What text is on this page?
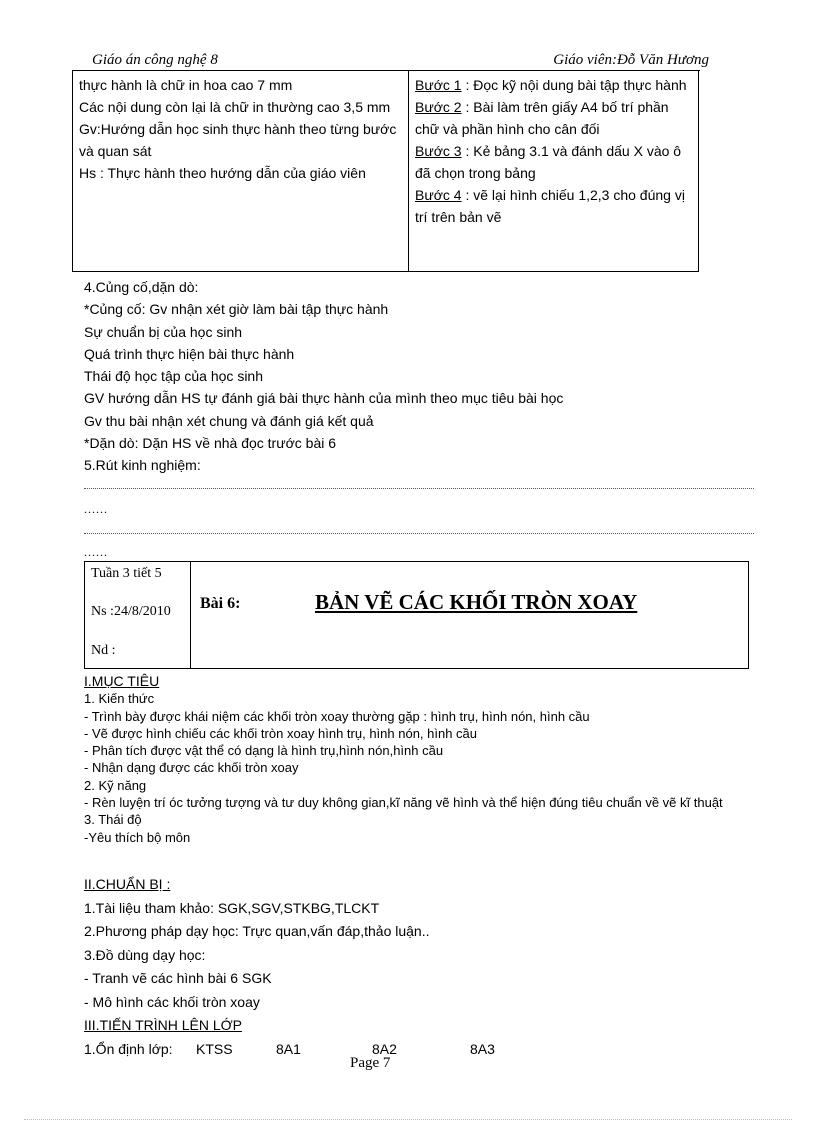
Giáo án công nghệ 8	Giáo viên:Đỗ Văn Hương
thực hành là chữ in hoa cao 7 mm
Các nội dung còn lại là chữ in thường cao 3,5 mm
Gv:Hướng dẫn học sinh thực hành theo từng bước và quan sát
Hs : Thực hành theo hướng dẫn của giáo viên

Bước 1 : Đọc kỹ nội dung bài tập thực hành
Bước 2 : Bài làm trên giấy A4 bố trí phần chữ và phần hình cho cân đối
Bước 3 : Kẻ bảng 3.1 và đánh dấu X vào ô đã chọn trong bảng
Bước 4 : vẽ lại hình chiếu 1,2,3 cho đúng vị trí trên bản vẽ
4.Củng cố,dặn dò:
*Củng cố: Gv nhận xét giờ làm bài tập thực hành
Sự chuẩn bị của học sinh
Quá trình thực hiện bài thực hành
Thái độ học tập của học sinh
GV hướng dẫn HS tự đánh giá bài thực hành của mình theo mục tiêu bài học
Gv thu bài nhận xét chung và đánh giá kết quả
*Dặn dò: Dặn HS về nhà đọc trước bài 6
5.Rút kinh nghiệm:
......
......
Tuần 3 tiết 5
Ns :24/8/2010
Nd :
Bài 6:	BẢN VẼ CÁC KHỐI TRÒN XOAY
I.MỤC TIÊU
1. Kiến thức
- Trình bày được khái niệm các khối tròn xoay thường gặp : hình trụ, hình nón, hình cầu
- Vẽ được hình chiếu các khối tròn xoay hình trụ, hình nón, hình cầu
- Phân tích được vật thể có dạng là hình trụ,hình nón,hình cầu
- Nhận dạng được các khối tròn xoay
2. Kỹ năng
- Rèn luyện trí óc tưởng tượng và tư duy không gian,kĩ năng vẽ hình và thể hiện đúng tiêu chuẩn về vẽ kĩ thuật
3. Thái độ
-Yêu thích bộ môn
II.CHUẨN BỊ :
1.Tài liệu tham khảo: SGK,SGV,STKBG,TLCKT
2.Phương pháp dạy học: Trực quan,vấn đáp,thảo luận..
3.Đồ dùng dạy học:
- Tranh vẽ các hình bài 6 SGK
- Mô hình các khối tròn xoay
III.TIẾN TRÌNH LÊN LỚP
1.Ổn định lớp: KTSS	8A1	8A2	8A3
Page 7
